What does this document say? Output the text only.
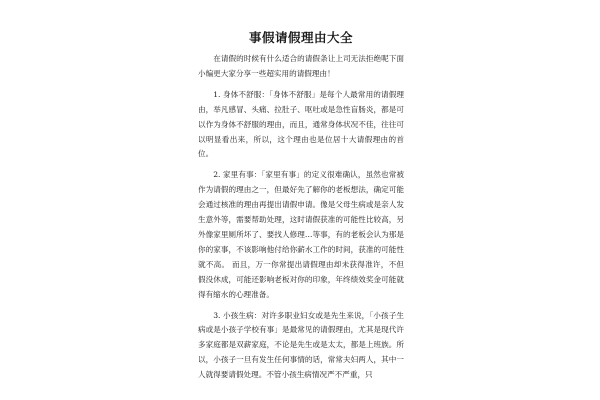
事假请假理由大全

在请假的时候有什么适合的请假条让上司无法拒绝呢下面小编更大家分享一些超实用的请假理由！

1. 身体不舒服：「身体不舒服」是每个人最常用的请假理由，举凡感冒、头痛、拉肚子、呕吐或是急性盲肠炎，都是可以作为身体不舒服的理由，而且，通常身体状况不佳，往往可以明显看出来，所以，这个理由也是位居十大请假理由的首位。

2. 家里有事：「家里有事」的定义很难确认，虽然也常被作为请假的理由之一，但最好先了解你的老板想法，确定可能会通过核准的理由再提出请假申请。像是父母生病或是亲人发生意外等，需要帮助处理，这时请假获准的可能性比较高，另外像家里厕所坏了、要找人修理…等事，有的老板会认为那是你的家事，不该影响他付给你薪水工作的时间，获准的可能性就不高。 而且，万一你常提出请假理由却未获得准许，不但假没休成，可能还影响老板对你的印象，年终绩效奖金可能就得有缩水的心理准备。

3. 小孩生病：对许多职业妇女或是先生来说，「小孩子生病或是小孩子学校有事」是最常见的请假理由，尤其是现代许多家庭都是双薪家庭，不论是先生或是太太，都是上班族。所以，小孩子一旦有发生任何事情的话，常常夫妇两人，其中一人就得要请假处理。不管小孩生病情况严不严重，只
